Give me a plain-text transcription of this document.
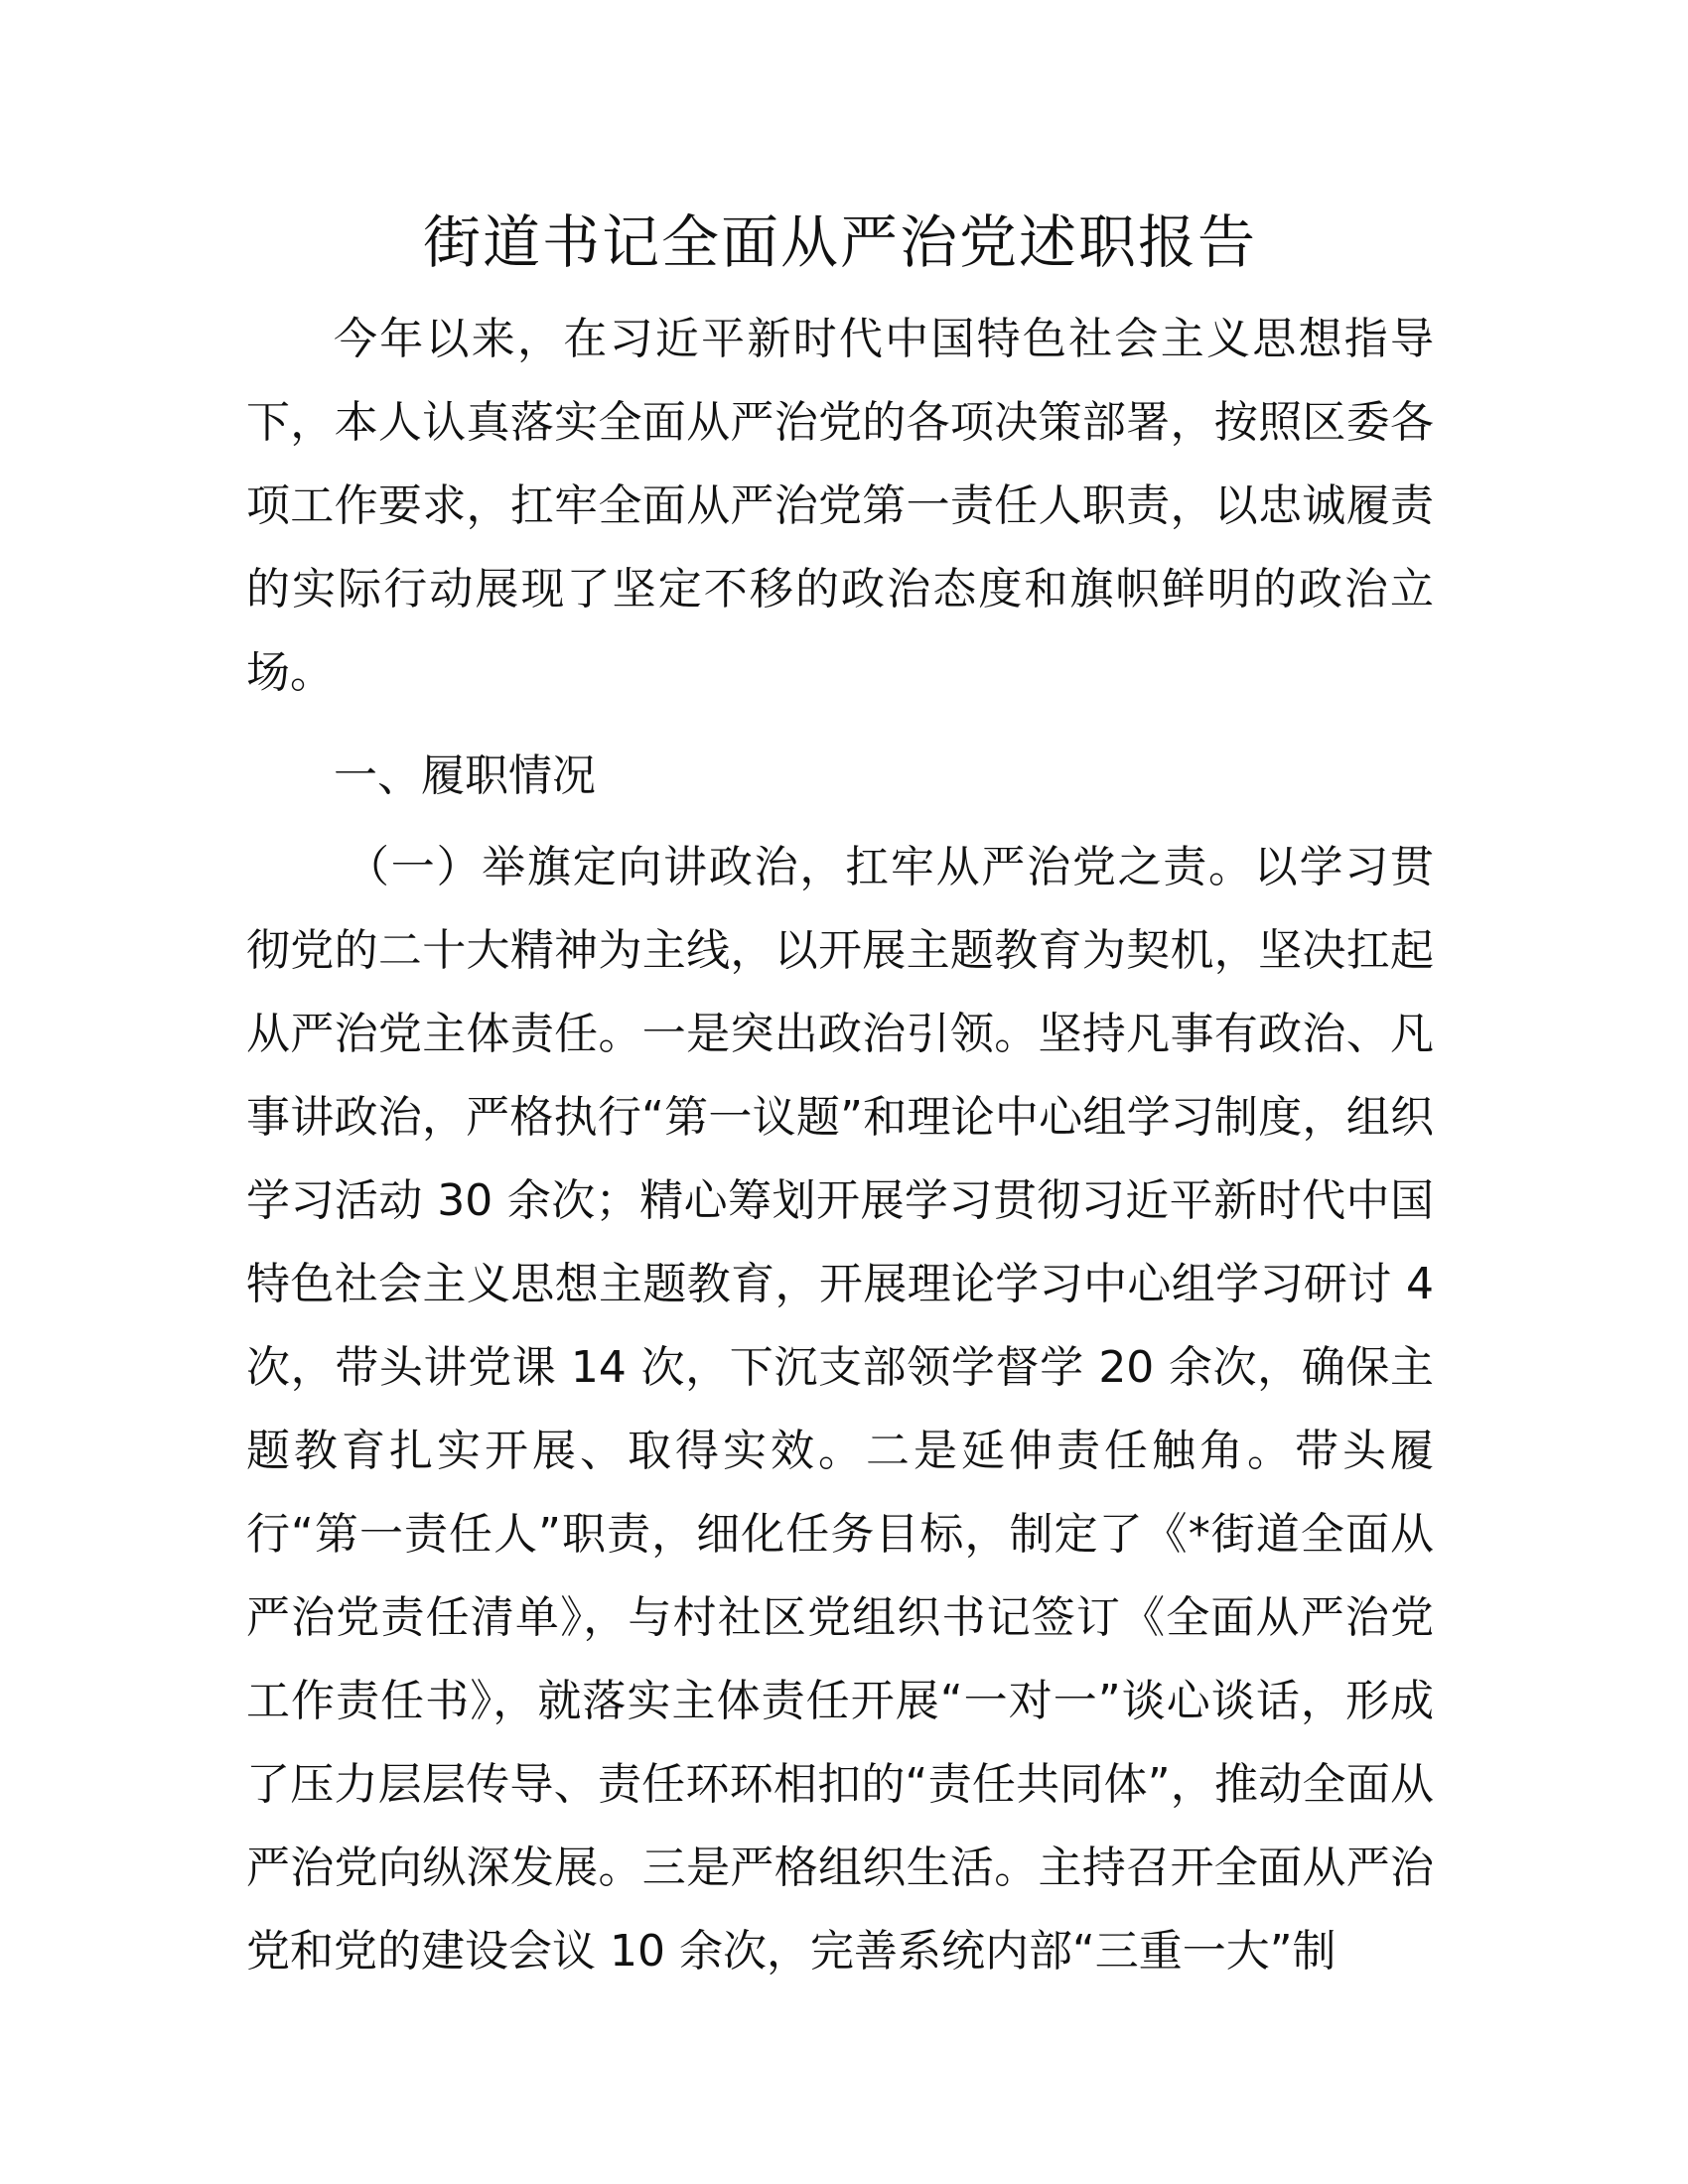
街道书记全面从严治党述职报告

今年以来，在习近平新时代中国特色社会主义思想指导下，本人认真落实全面从严治党的各项决策部署，按照区委各项工作要求，扛牢全面从严治党第一责任人职责，以忠诚履责的实际行动展现了坚定不移的政治态度和旗帜鲜明的政治立场。

一、履职情况

（一）举旗定向讲政治，扛牢从严治党之责。以学习贯彻党的二十大精神为主线，以开展主题教育为契机，坚决扛起从严治党主体责任。一是突出政治引领。坚持凡事有政治、凡事讲政治，严格执行“第一议题”和理论中心组学习制度，组织学习活动 30 余次；精心筹划开展学习贯彻习近平新时代中国特色社会主义思想主题教育，开展理论学习中心组学习研讨 4 次，带头讲党课 14 次，下沉支部领学督学 20 余次，确保主题教育扎实开展、取得实效。二是延伸责任触角。带头履行“第一责任人”职责，细化任务目标，制定了《*街道全面从严治党责任清单》，与村社区党组织书记签订《全面从严治党工作责任书》，就落实主体责任开展“一对一”谈心谈话，形成了压力层层传导、责任环环相扣的“责任共同体”，推动全面从严治党向纵深发展。三是严格组织生活。主持召开全面从严治党和党的建设会议 10 余次，完善系统内部“三重一大”制
